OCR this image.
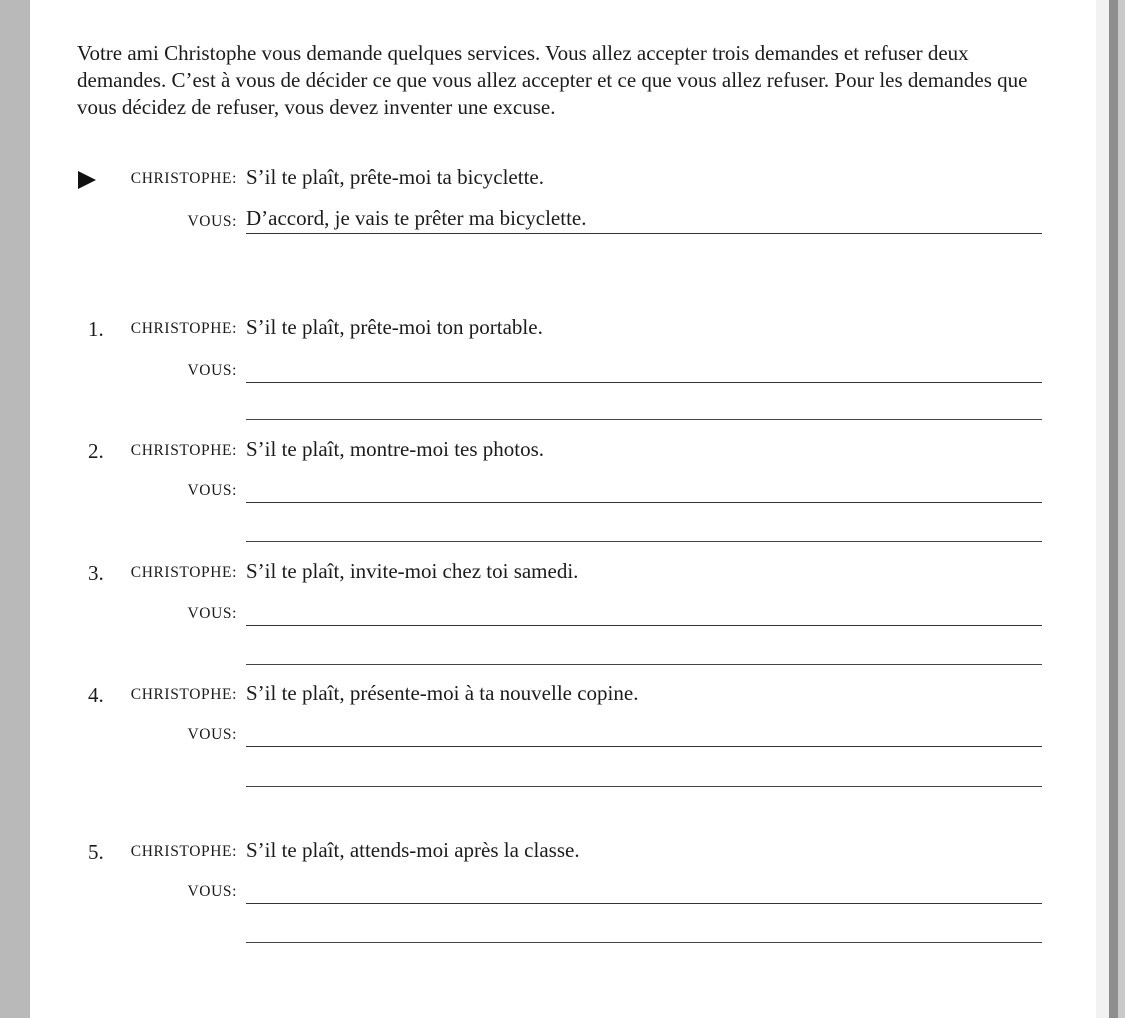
Votre ami Christophe vous demande quelques services. Vous allez accepter trois demandes et refuser deux demandes. C’est à vous de décider ce que vous allez accepter et ce que vous allez refuser. Pour les demandes que vous décidez de refuser, vous devez inventer une excuse.

CHRISTOPHE: S’il te plaît, prête-moi ta bicyclette.
VOUS: D’accord, je vais te prêter ma bicyclette.
1. CHRISTOPHE: S’il te plaît, prête-moi ton portable.
VOUS:
2. CHRISTOPHE: S’il te plaît, montre-moi tes photos.
VOUS:
3. CHRISTOPHE: S’il te plaît, invite-moi chez toi samedi.
VOUS:
4. CHRISTOPHE: S’il te plaît, présente-moi à ta nouvelle copine.
VOUS:
5. CHRISTOPHE: S’il te plaît, attends-moi après la classe.
VOUS:
